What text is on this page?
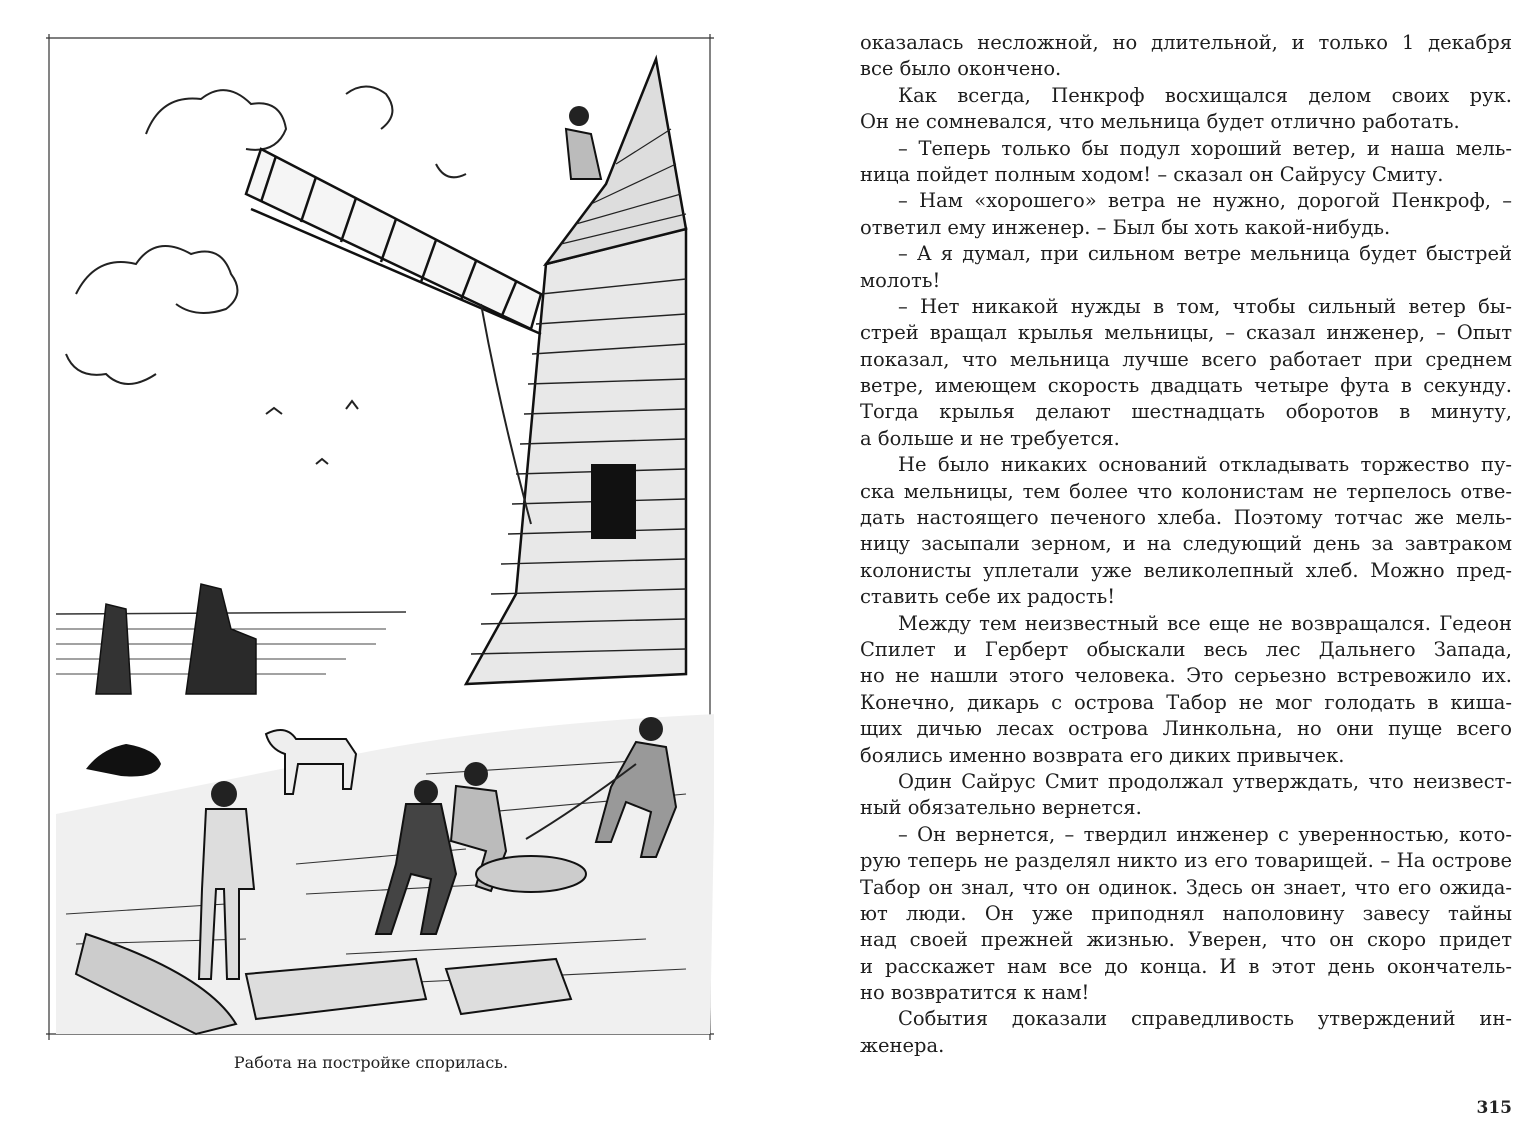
Работа на постройке спорилась.
оказалась несложной, но длительной, и только 1 декабря
все было окончено.
Как всегда, Пенкроф восхищался делом своих рук.
Он не сомневался, что мельница будет отлично работать.
– Теперь только бы подул хороший ветер, и наша мель-
ница пойдет полным ходом! – сказал он Сайрусу Смиту.
– Нам «хорошего» ветра не нужно, дорогой Пенкроф, –
ответил ему инженер. – Был бы хоть какой-нибудь.
– А я думал, при сильном ветре мельница будет быстрей
молоть!
– Нет никакой нужды в том, чтобы сильный ветер бы-
стрей вращал крылья мельницы, – сказал инженер, – Опыт
показал, что мельница лучше всего работает при среднем
ветре, имеющем скорость двадцать четыре фута в секунду.
Тогда крылья делают шестнадцать оборотов в минуту,
а больше и не требуется.
Не было никаких оснований откладывать торжество пу-
ска мельницы, тем более что колонистам не терпелось отве-
дать настоящего печеного хлеба. Поэтому тотчас же мель-
ницу засыпали зерном, и на следующий день за завтраком
колонисты уплетали уже великолепный хлеб. Можно пред-
ставить себе их радость!
Между тем неизвестный все еще не возвращался. Гедеон
Спилет и Герберт обыскали весь лес Дальнего Запада,
но не нашли этого человека. Это серьезно встревожило их.
Конечно, дикарь с острова Табор не мог голодать в киша-
щих дичью лесах острова Линкольна, но они пуще всего
боялись именно возврата его диких привычек.
Один Сайрус Смит продолжал утверждать, что неизвест-
ный обязательно вернется.
– Он вернется, – твердил инженер с уверенностью, кото-
рую теперь не разделял никто из его товарищей. – На острове
Табор он знал, что он одинок. Здесь он знает, что его ожида-
ют люди. Он уже приподнял наполовину завесу тайны
над своей прежней жизнью. Уверен, что он скоро придет
и расскажет нам все до конца. И в этот день окончатель-
но возвратится к нам!
События доказали справедливость утверждений ин-
женера.
315
